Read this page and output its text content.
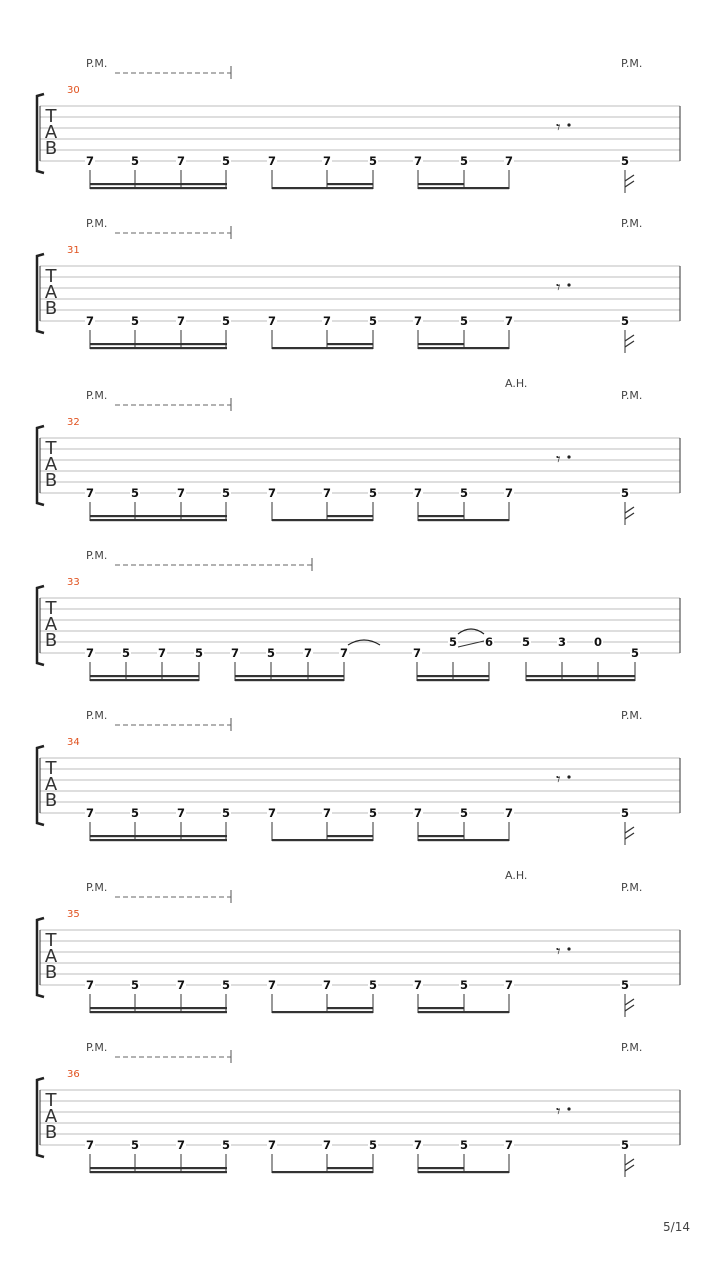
T
A
B
30
P.M.	P.M.
7	5	7	5	7	7	5	7	5	7	5
𝄾
T
A
B
31
P.M.	P.M.
7	5	7	5	7	7	5	7	5	7	5
𝄾
T
A
B
32
P.M.	P.M.
A.H.
7	5	7	5	7	7	5	7	5	7	5
𝄾
T
A
B
33
P.M.
7 5 7	5 7 5	7 7	7
5 6	5 3 0
5
T
A
B
34
P.M.	P.M.
7	5	7	5	7	7	5	7	5	7	5
𝄾
T
A
B
35
P.M.	P.M.
A.H.
7	5	7	5	7	7	5	7	5	7	5
𝄾
T
A
B
36
P.M.	P.M.
7	5	7	5	7	7	5	7	5	7	5
𝄾
5/14
